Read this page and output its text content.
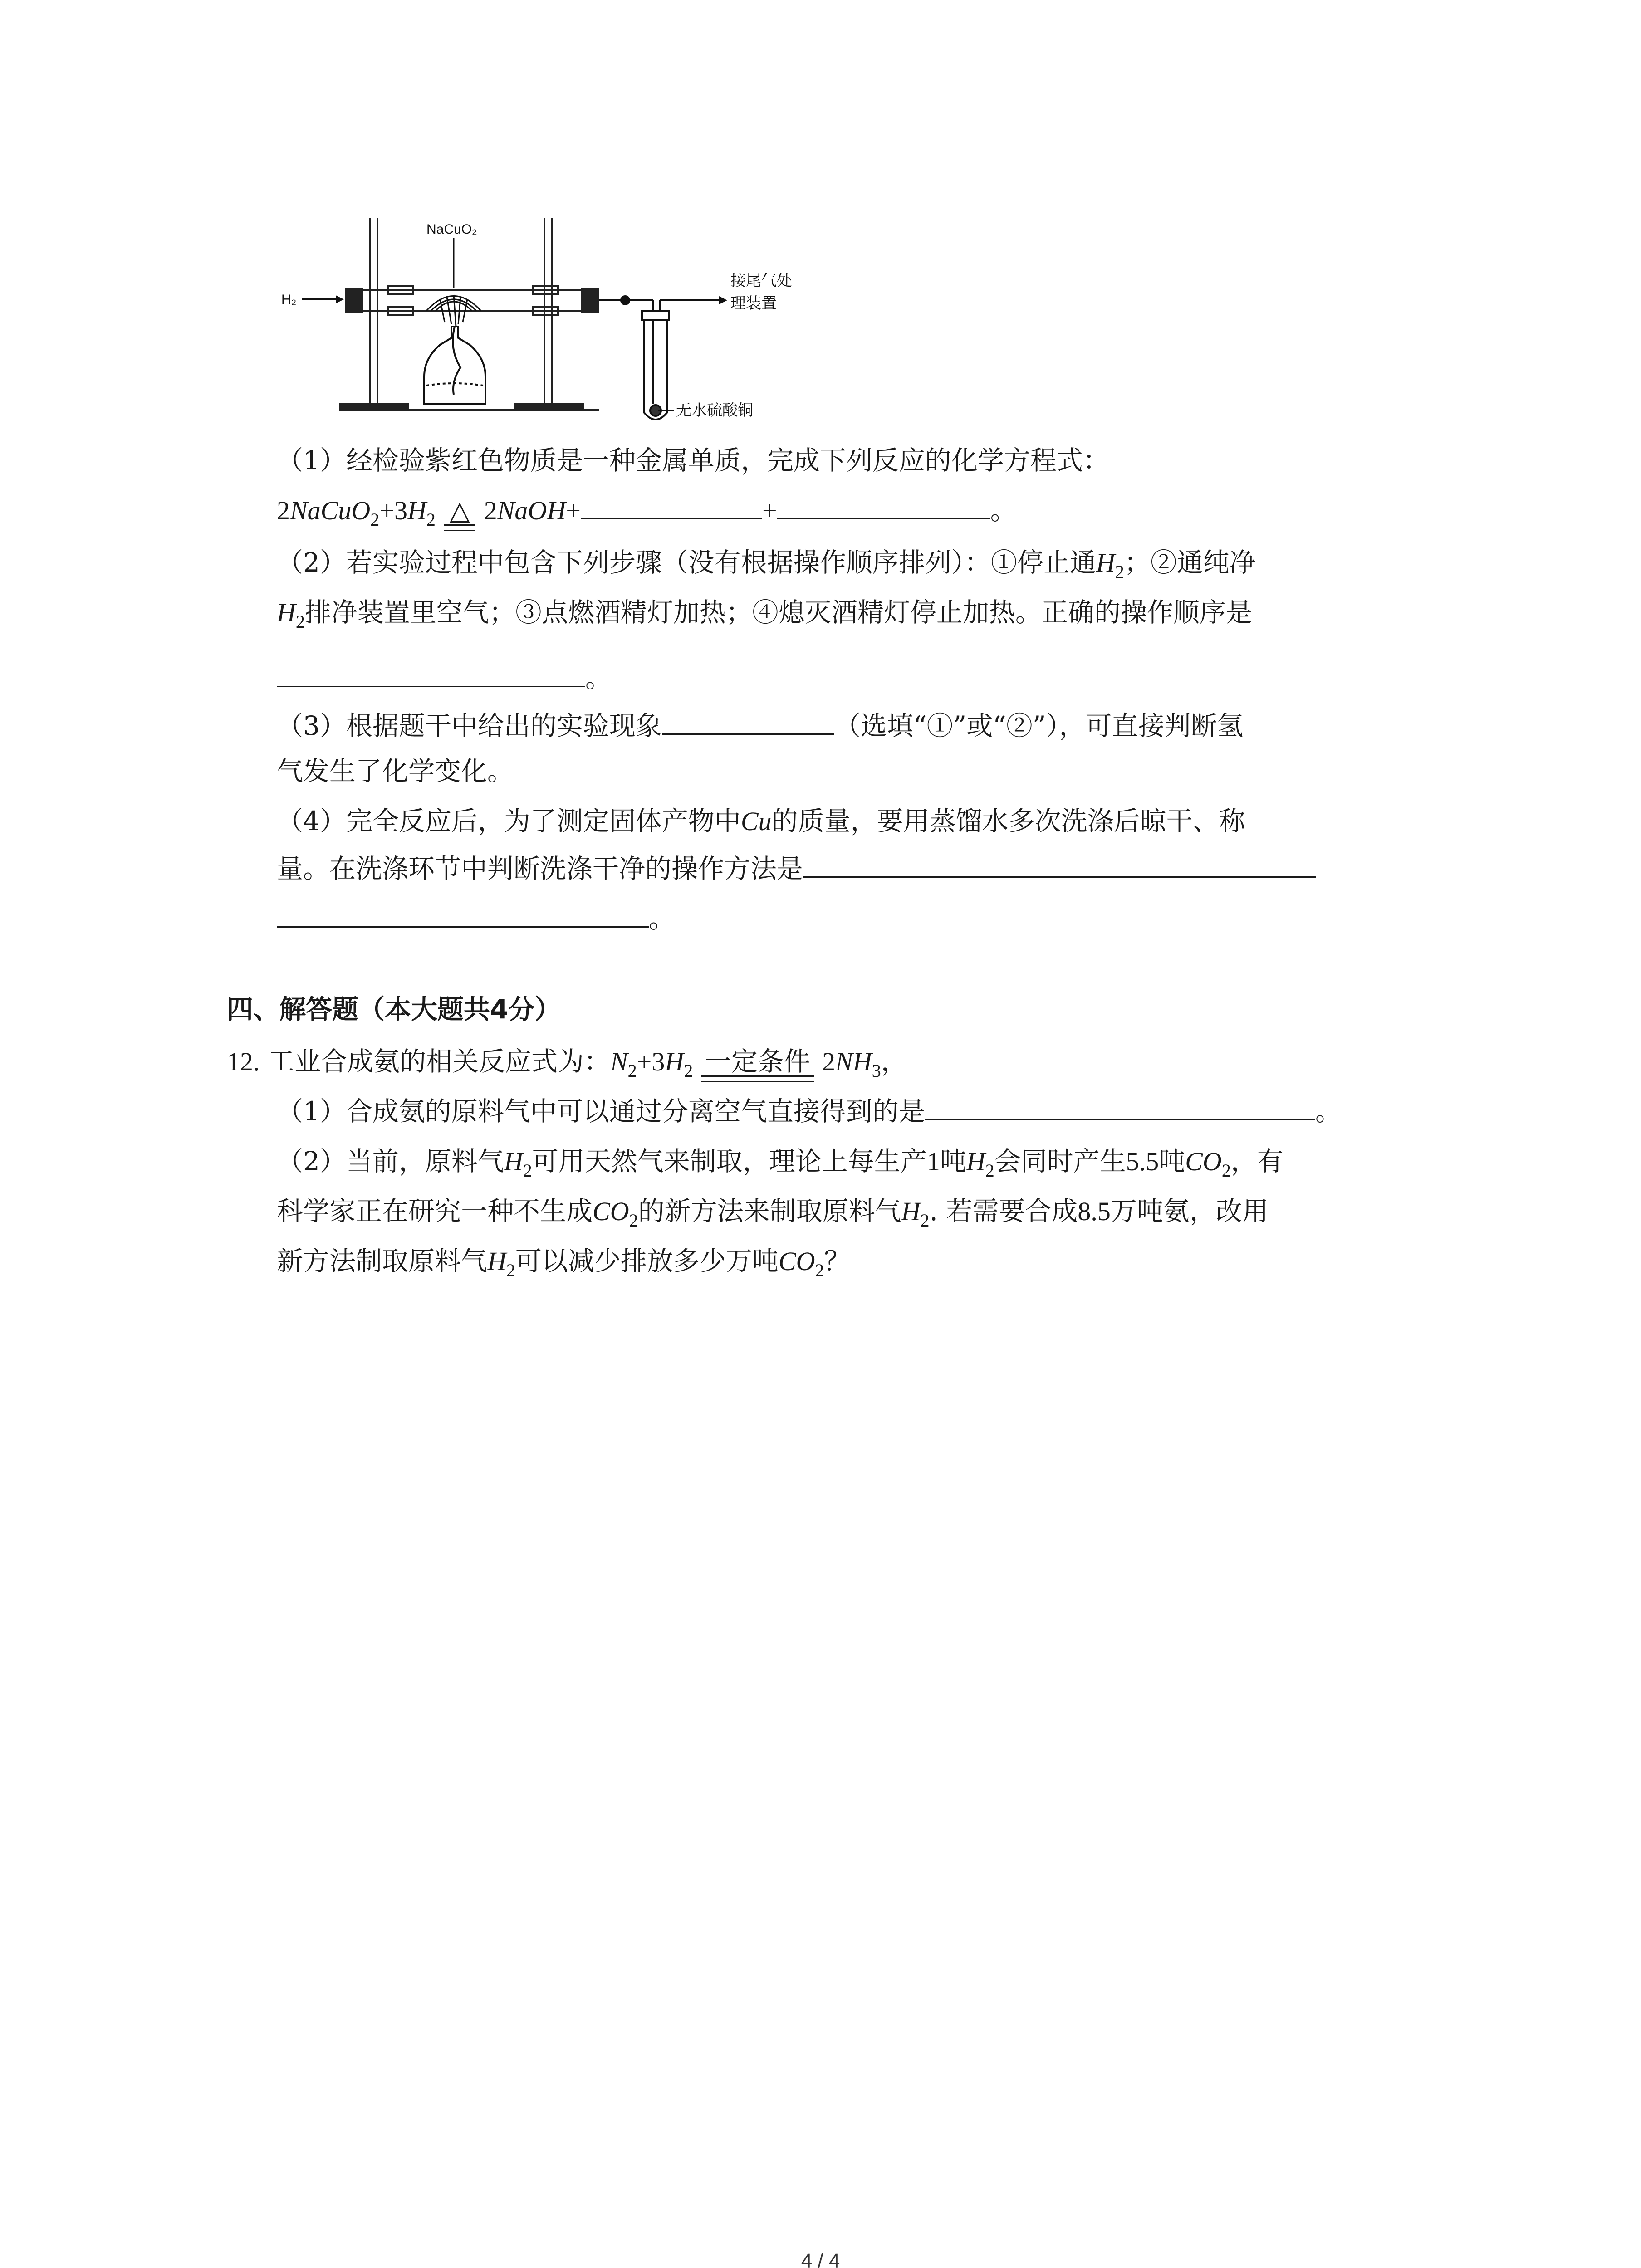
H₂
NaCuO₂
接尾气处
理装置
无水硫酸铜
（1）经检验紫红色物质是一种金属单质，完成下列反应的化学方程式：
$2NaCuO_2+3H_2$ △ 2NaOH+	+	。
（2）若实验过程中包含下列步骤（没有根据操作顺序排列）：①停止通$H_2$；②通纯净
$H_2$排净装置里空气；③点燃酒精灯加热；④熄灭酒精灯停止加热。正确的操作顺序是
。
（3）根据题干中给出的实验现象	（选填“①”或“②”），可直接判断氢
气发生了化学变化。
（4）完全反应后，为了测定固体产物中Cu的质量，要用蒸馏水多次洗涤后晾干、称
量。在洗涤环节中判断洗涤干净的操作方法是
。
四、解答题（本大题共4分）
12. 工业合成氨的相关反应式为：$N_2+3H_2$ 一定条件 $2NH_3$，
（1）合成氨的原料气中可以通过分离空气直接得到的是	。
（2）当前，原料气$H_2$可用天然气来制取，理论上每生产1吨$H_2$会同时产生5.5吨$CO_2$，有
科学家正在研究一种不生成$CO_2$的新方法来制取原料气$H_2$. 若需要合成8.5万吨氨，改用
新方法制取原料气$H_2$可以减少排放多少万吨$CO_2$？
4 / 4
